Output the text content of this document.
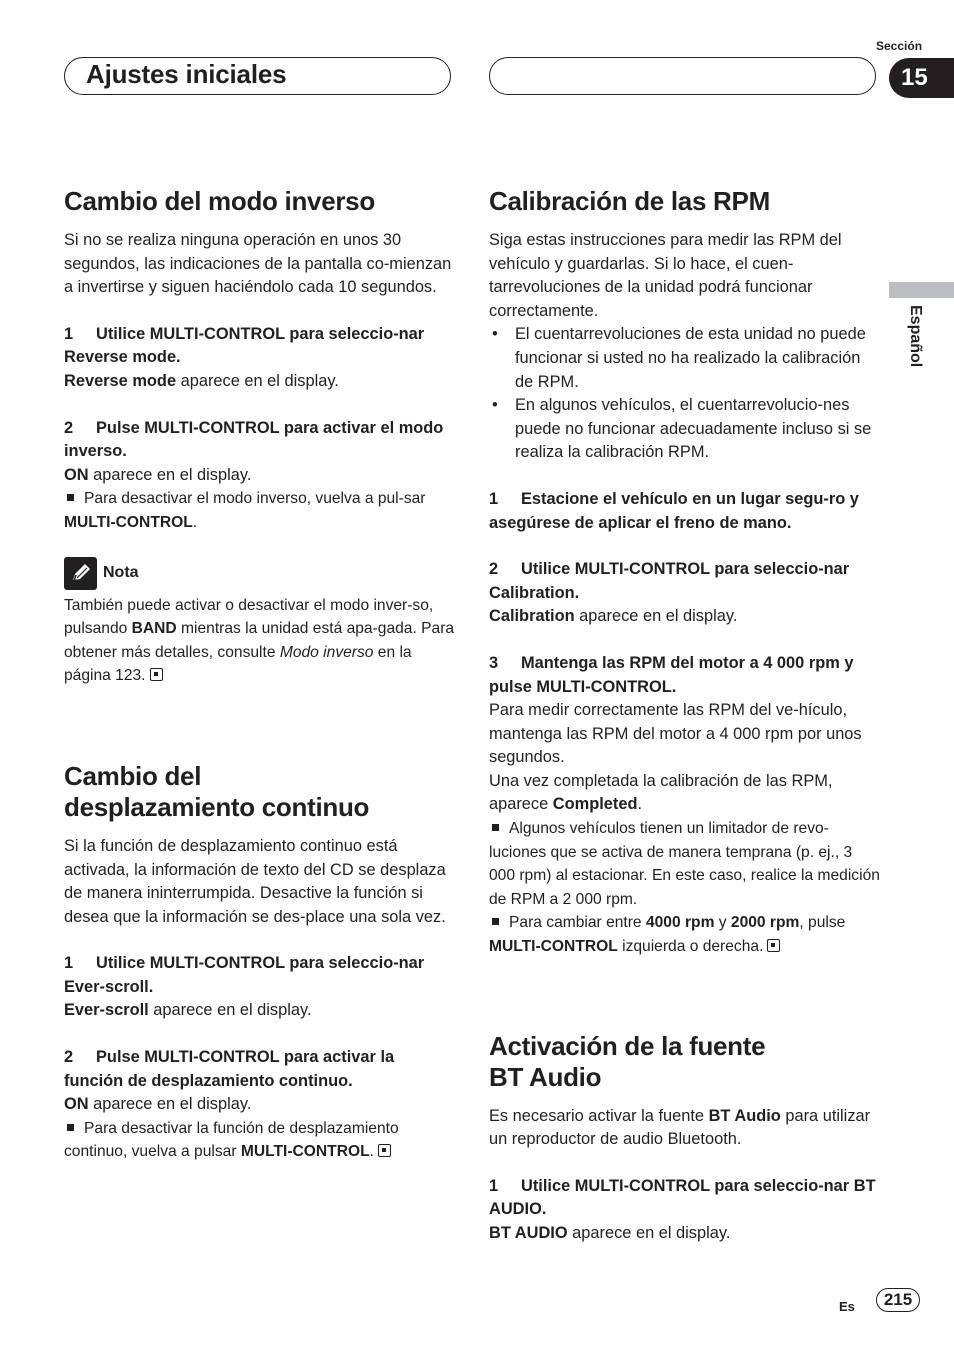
Sección
Ajustes iniciales	15
Español
Cambio del modo inverso

Si no se realiza ninguna operación en unos 30 segundos, las indicaciones de la pantalla co-mienzan a invertirse y siguen haciéndolo cada 10 segundos.

1 Utilice MULTI-CONTROL para seleccio-nar Reverse mode.

Reverse mode aparece en el display.

2 Pulse MULTI-CONTROL para activar el modo inverso.

ON aparece en el display.

Para desactivar el modo inverso, vuelva a pul-sar MULTI-CONTROL.

Nota

También puede activar o desactivar el modo inver-so, pulsando BAND mientras la unidad está apa-gada. Para obtener más detalles, consulte Modo inverso en la página 123.

Cambio del
desplazamiento continuo

Si la función de desplazamiento continuo está activada, la información de texto del CD se desplaza de manera ininterrumpida. Desactive la función si desea que la información se des-place una sola vez.

1 Utilice MULTI-CONTROL para seleccio-nar Ever-scroll.

Ever-scroll aparece en el display.

2 Pulse MULTI-CONTROL para activar la función de desplazamiento continuo.

ON aparece en el display.

Para desactivar la función de desplazamiento continuo, vuelva a pulsar MULTI-CONTROL.

Calibración de las RPM

Siga estas instrucciones para medir las RPM del vehículo y guardarlas. Si lo hace, el cuen-tarrevoluciones de la unidad podrá funcionar correctamente.

• El cuentarrevoluciones de esta unidad no puede funcionar si usted no ha realizado la calibración de RPM.

• En algunos vehículos, el cuentarrevolucio-nes puede no funcionar adecuadamente incluso si se realiza la calibración RPM.

1 Estacione el vehículo en un lugar segu-ro y asegúrese de aplicar el freno de mano.

2 Utilice MULTI-CONTROL para seleccio-nar Calibration.

Calibration aparece en el display.

3 Mantenga las RPM del motor a 4 000 rpm y pulse MULTI-CONTROL.

Para medir correctamente las RPM del ve-hículo, mantenga las RPM del motor a 4 000 rpm por unos segundos.

Una vez completada la calibración de las RPM, aparece Completed.

Algunos vehículos tienen un limitador de revo-luciones que se activa de manera temprana (p. ej., 3 000 rpm) al estacionar. En este caso, realice la medición de RPM a 2 000 rpm.

Para cambiar entre 4000 rpm y 2000 rpm, pulse MULTI-CONTROL izquierda o derecha.

Activación de la fuente
BT Audio

Es necesario activar la fuente BT Audio para utilizar un reproductor de audio Bluetooth.

1 Utilice MULTI-CONTROL para seleccio-nar BT AUDIO.

BT AUDIO aparece en el display.

Es	215
